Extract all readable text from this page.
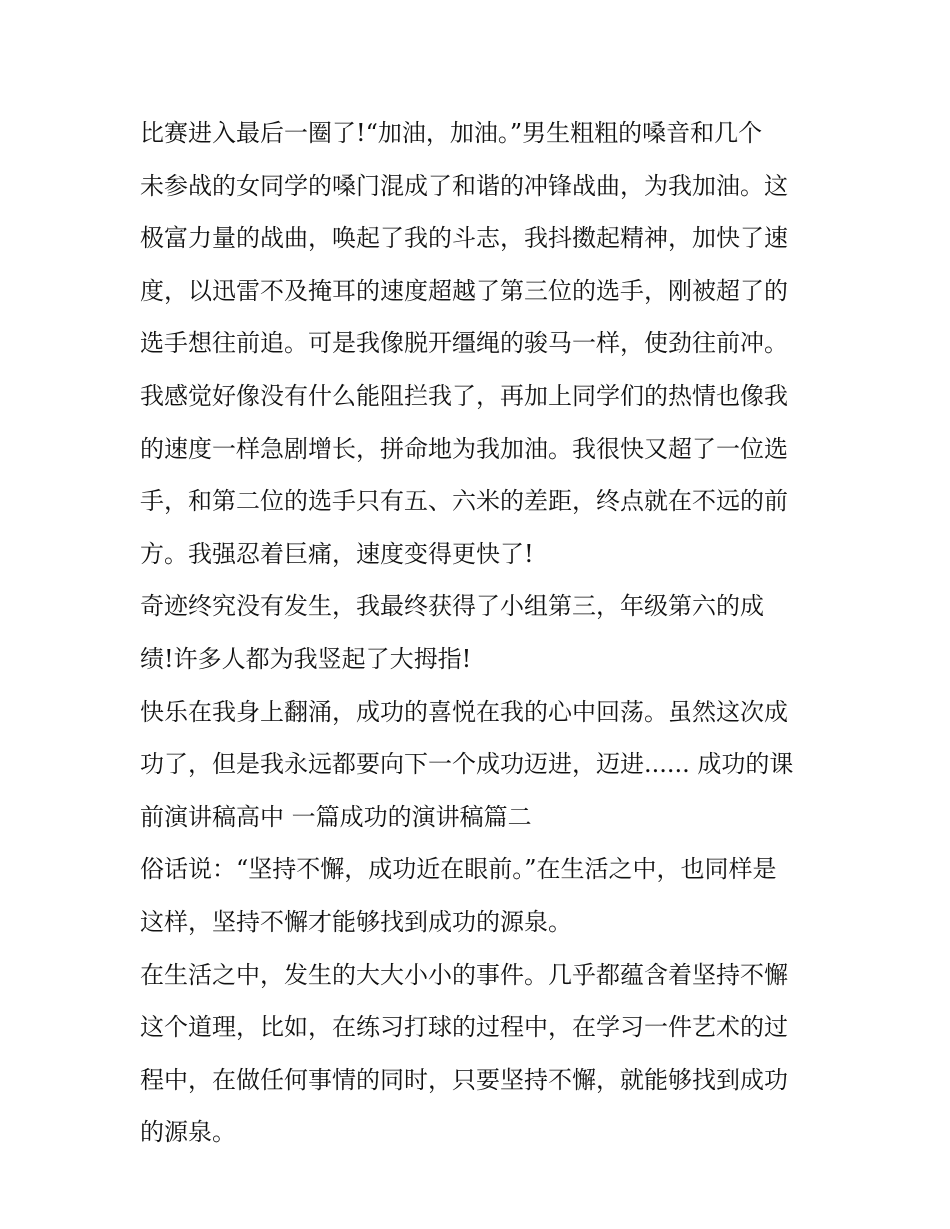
比赛进入最后一圈了!“加油，加油。”男生粗粗的嗓音和几个
未参战的女同学的嗓门混成了和谐的冲锋战曲，为我加油。这
极富力量的战曲，唤起了我的斗志，我抖擞起精神，加快了速
度，以迅雷不及掩耳的速度超越了第三位的选手，刚被超了的
选手想往前追。可是我像脱开缰绳的骏马一样，使劲往前冲。
我感觉好像没有什么能阻拦我了，再加上同学们的热情也像我
的速度一样急剧增长，拼命地为我加油。我很快又超了一位选
手，和第二位的选手只有五、六米的差距，终点就在不远的前
方。我强忍着巨痛，速度变得更快了!
奇迹终究没有发生，我最终获得了小组第三，年级第六的成
绩!许多人都为我竖起了大拇指!
快乐在我身上翻涌，成功的喜悦在我的心中回荡。虽然这次成
功了，但是我永远都要向下一个成功迈进，迈进...... 成功的课
前演讲稿高中 一篇成功的演讲稿篇二
俗话说：“坚持不懈，成功近在眼前。”在生活之中，也同样是
这样，坚持不懈才能够找到成功的源泉。
在生活之中，发生的大大小小的事件。几乎都蕴含着坚持不懈
这个道理，比如，在练习打球的过程中，在学习一件艺术的过
程中，在做任何事情的同时，只要坚持不懈，就能够找到成功
的源泉。
